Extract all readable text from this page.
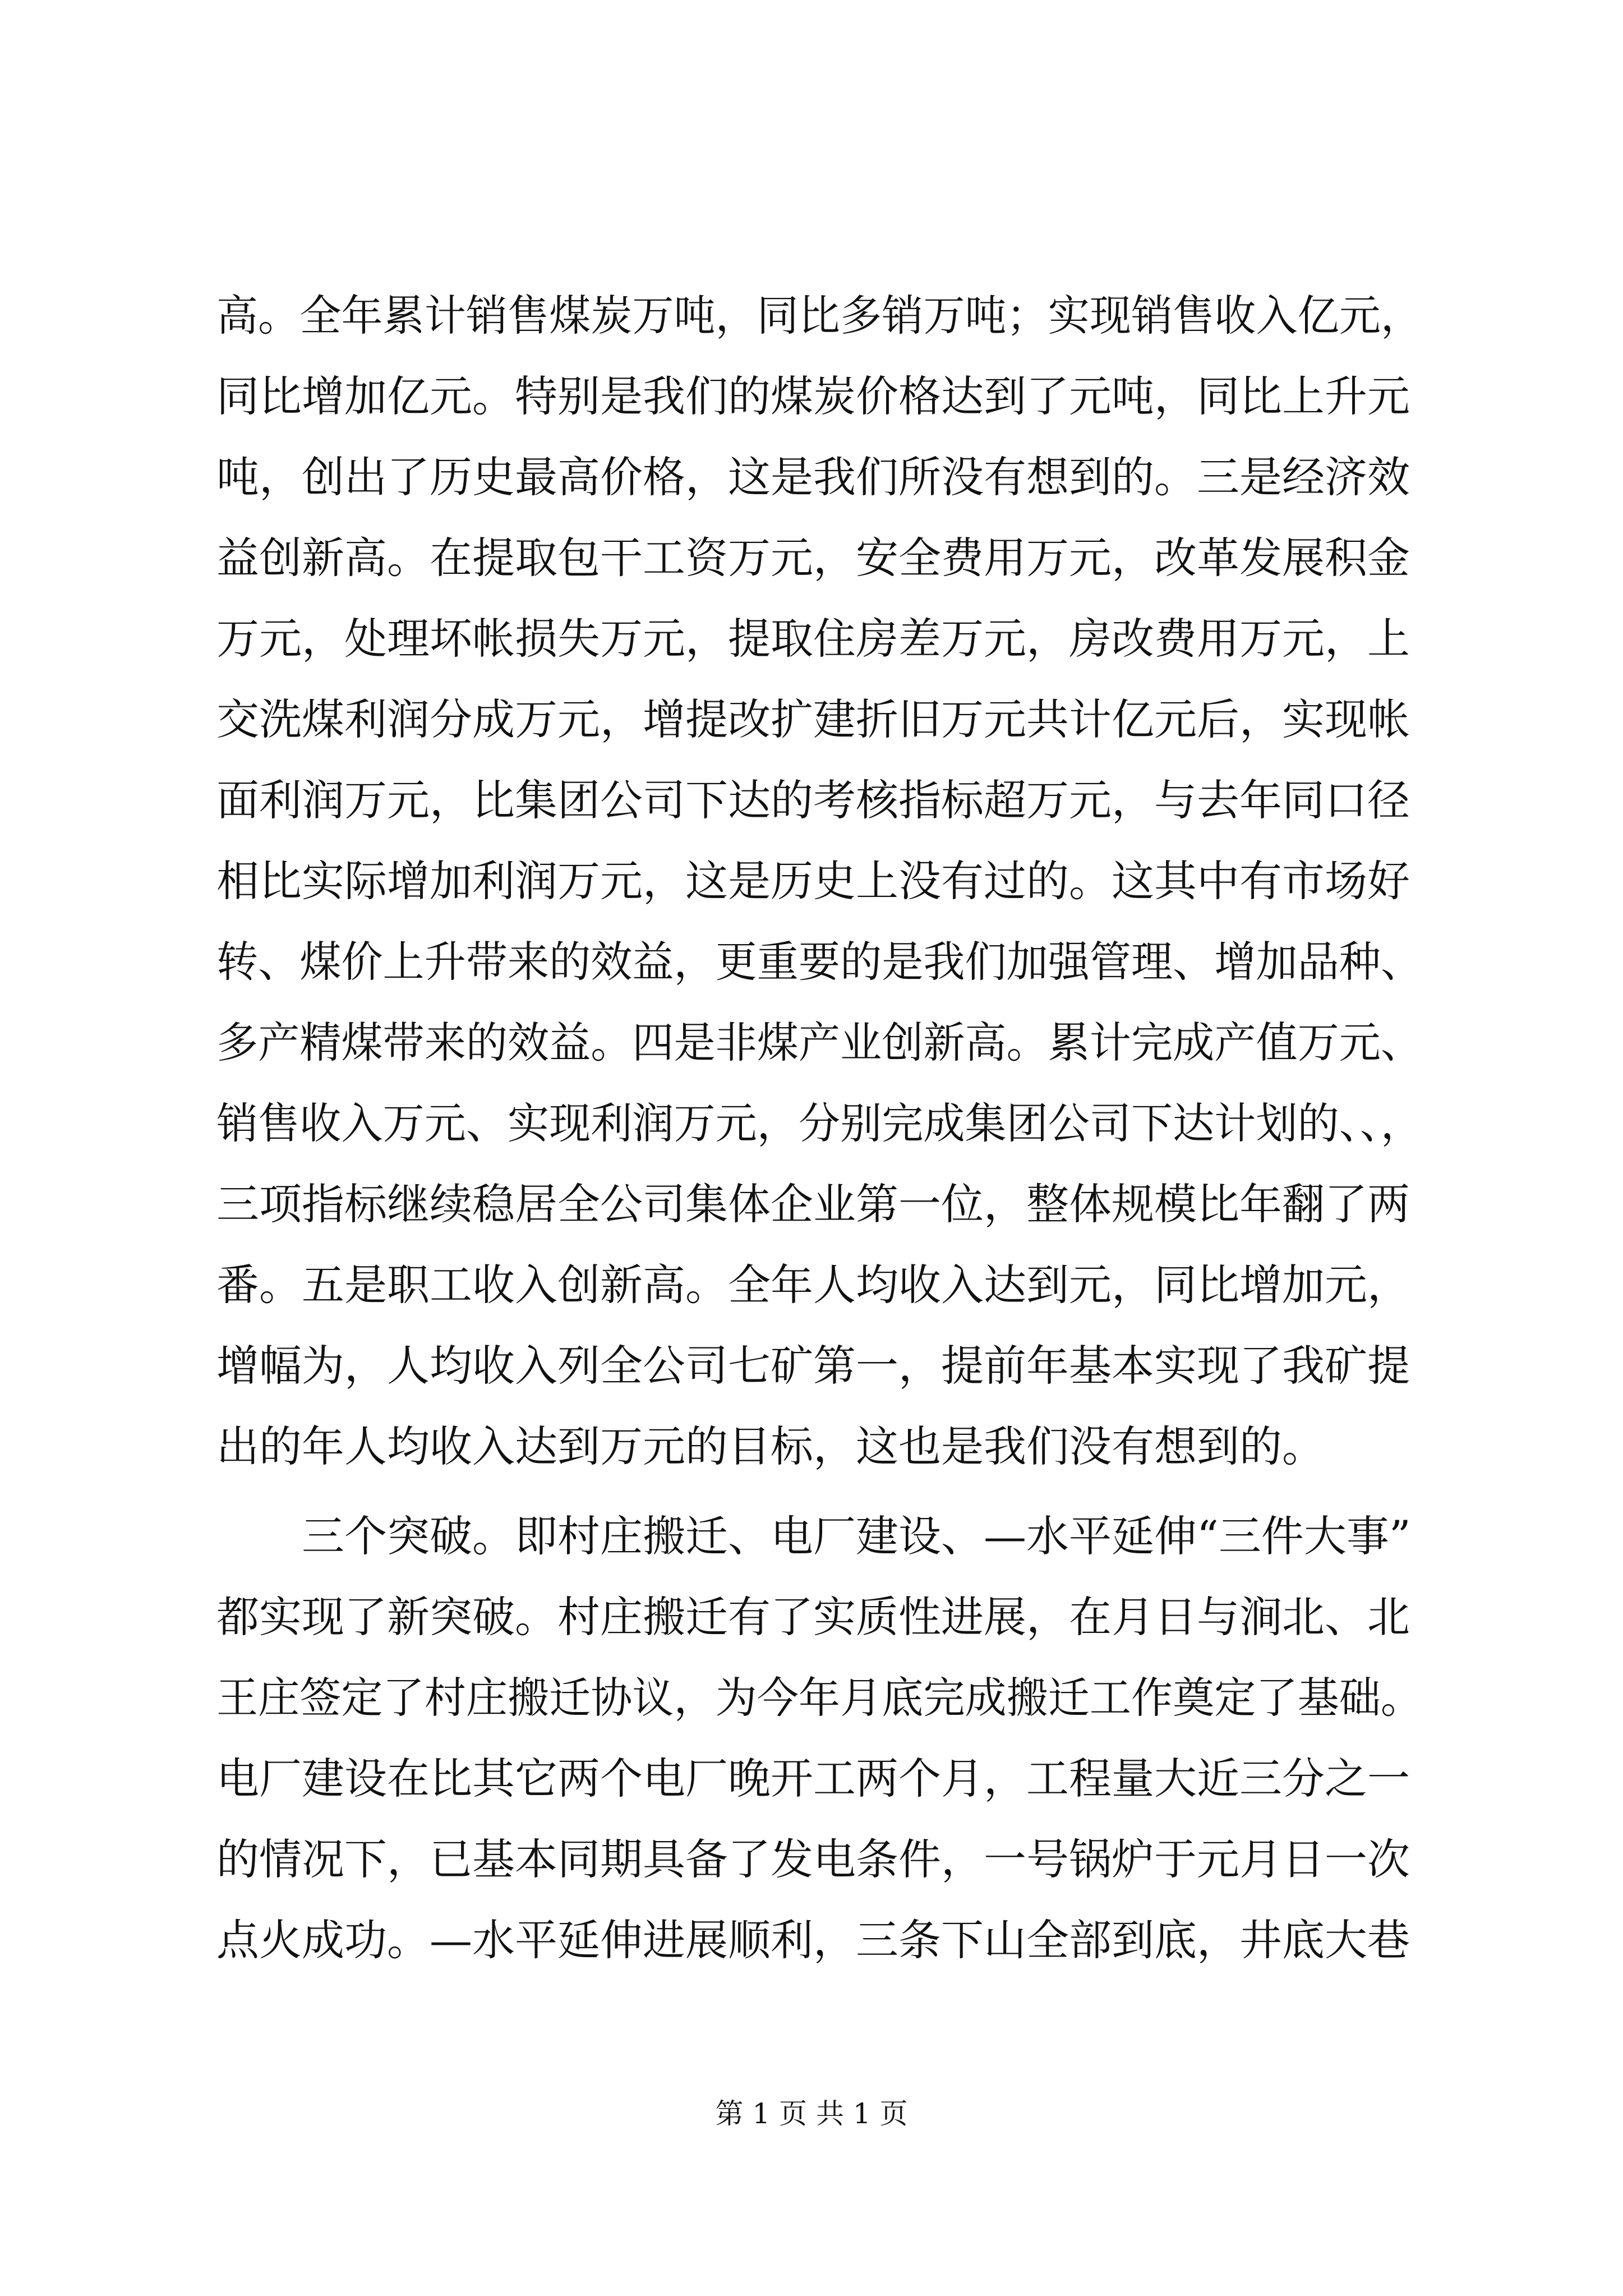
高。全年累计销售煤炭万吨，同比多销万吨；实现销售收入亿元，
同比增加亿元。特别是我们的煤炭价格达到了元吨，同比上升元
吨，创出了历史最高价格，这是我们所没有想到的。三是经济效
益创新高。在提取包干工资万元，安全费用万元，改革发展积金
万元，处理坏帐损失万元，提取住房差万元，房改费用万元，上
交洗煤利润分成万元，增提改扩建折旧万元共计亿元后，实现帐
面利润万元，比集团公司下达的考核指标超万元，与去年同口径
相比实际增加利润万元，这是历史上没有过的。这其中有市场好
转、煤价上升带来的效益，更重要的是我们加强管理、增加品种、
多产精煤带来的效益。四是非煤产业创新高。累计完成产值万元、
销售收入万元、实现利润万元，分别完成集团公司下达计划的、、，
三项指标继续稳居全公司集体企业第一位，整体规模比年翻了两
番。五是职工收入创新高。全年人均收入达到元，同比增加元，
增幅为，人均收入列全公司七矿第一，提前年基本实现了我矿提
出的年人均收入达到万元的目标，这也是我们没有想到的。
三个突破。即村庄搬迁、电厂建设、—水平延伸“三件大事”
都实现了新突破。村庄搬迁有了实质性进展，在月日与涧北、北
王庄签定了村庄搬迁协议，为今年月底完成搬迁工作奠定了基础。
电厂建设在比其它两个电厂晚开工两个月，工程量大近三分之一
的情况下，已基本同期具备了发电条件，一号锅炉于元月日一次
点火成功。—水平延伸进展顺利，三条下山全部到底，井底大巷
第 1 页 共 1 页
